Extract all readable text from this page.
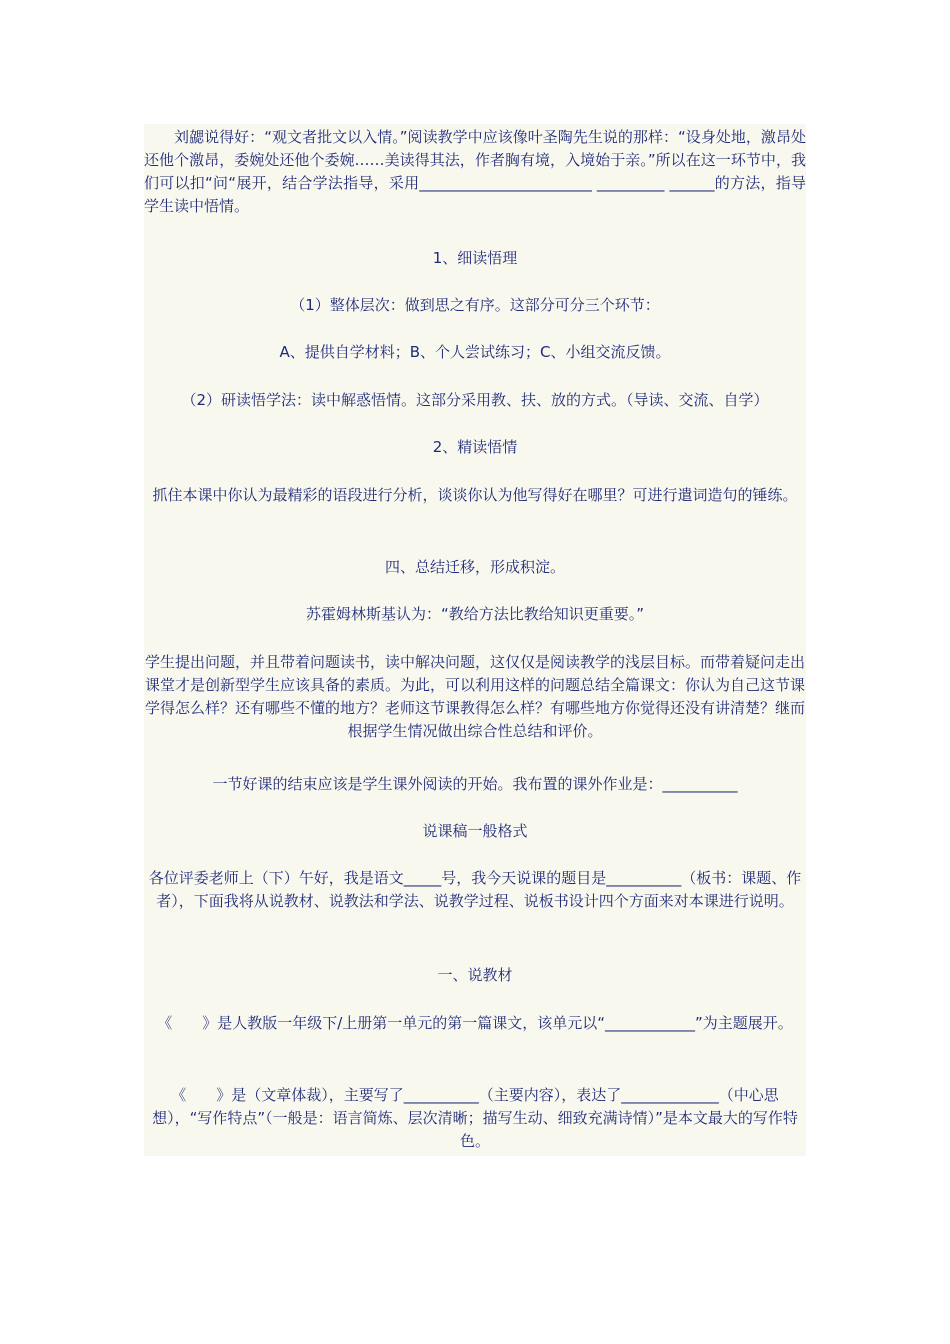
　　刘勰说得好：“观文者批文以入情。”阅读教学中应该像叶圣陶先生说的那样：“设身处地，激昂处还他个激昂，委婉处还他个委婉……美读得其法，作者胸有境，入境始于亲。”所以在这一环节中，我们可以扣“问“展开，结合学法指导，采用_______________________ _________ ______的方法，指导学生读中悟情。

1、细读悟理

（1）整体层次：做到思之有序。这部分可分三个环节：

A、提供自学材料；B、个人尝试练习；C、小组交流反馈。

（2）研读悟学法：读中解惑悟情。这部分采用教、扶、放的方式。（导读、交流、自学）

2、精读悟情

抓住本课中你认为最精彩的语段进行分析，谈谈你认为他写得好在哪里？可进行遣词造句的锤练。

四、总结迁移，形成积淀。

苏霍姆林斯基认为：“教给方法比教给知识更重要。”

学生提出问题，并且带着问题读书，读中解决问题，这仅仅是阅读教学的浅层目标。而带着疑问走出课堂才是创新型学生应该具备的素质。为此，可以利用这样的问题总结全篇课文：你认为自己这节课学得怎么样？还有哪些不懂的地方？老师这节课教得怎么样？有哪些地方你觉得还没有讲清楚？继而根据学生情况做出综合性总结和评价。

一节好课的结束应该是学生课外阅读的开始。我布置的课外作业是：__________

说课稿一般格式

各位评委老师上（下）午好，我是语文_____号，我今天说课的题目是__________（板书：课题、作者），下面我将从说教材、说教法和学法、说教学过程、说板书设计四个方面来对本课进行说明。

一、说教材

《　　》是人教版一年级下/上册第一单元的第一篇课文，该单元以“____________”为主题展开。

《　　》是（文章体裁），主要写了__________（主要内容），表达了_____________（中心思想），“写作特点”（一般是：语言简炼、层次清晰；描写生动、细致充满诗情）”是本文最大的写作特色。
